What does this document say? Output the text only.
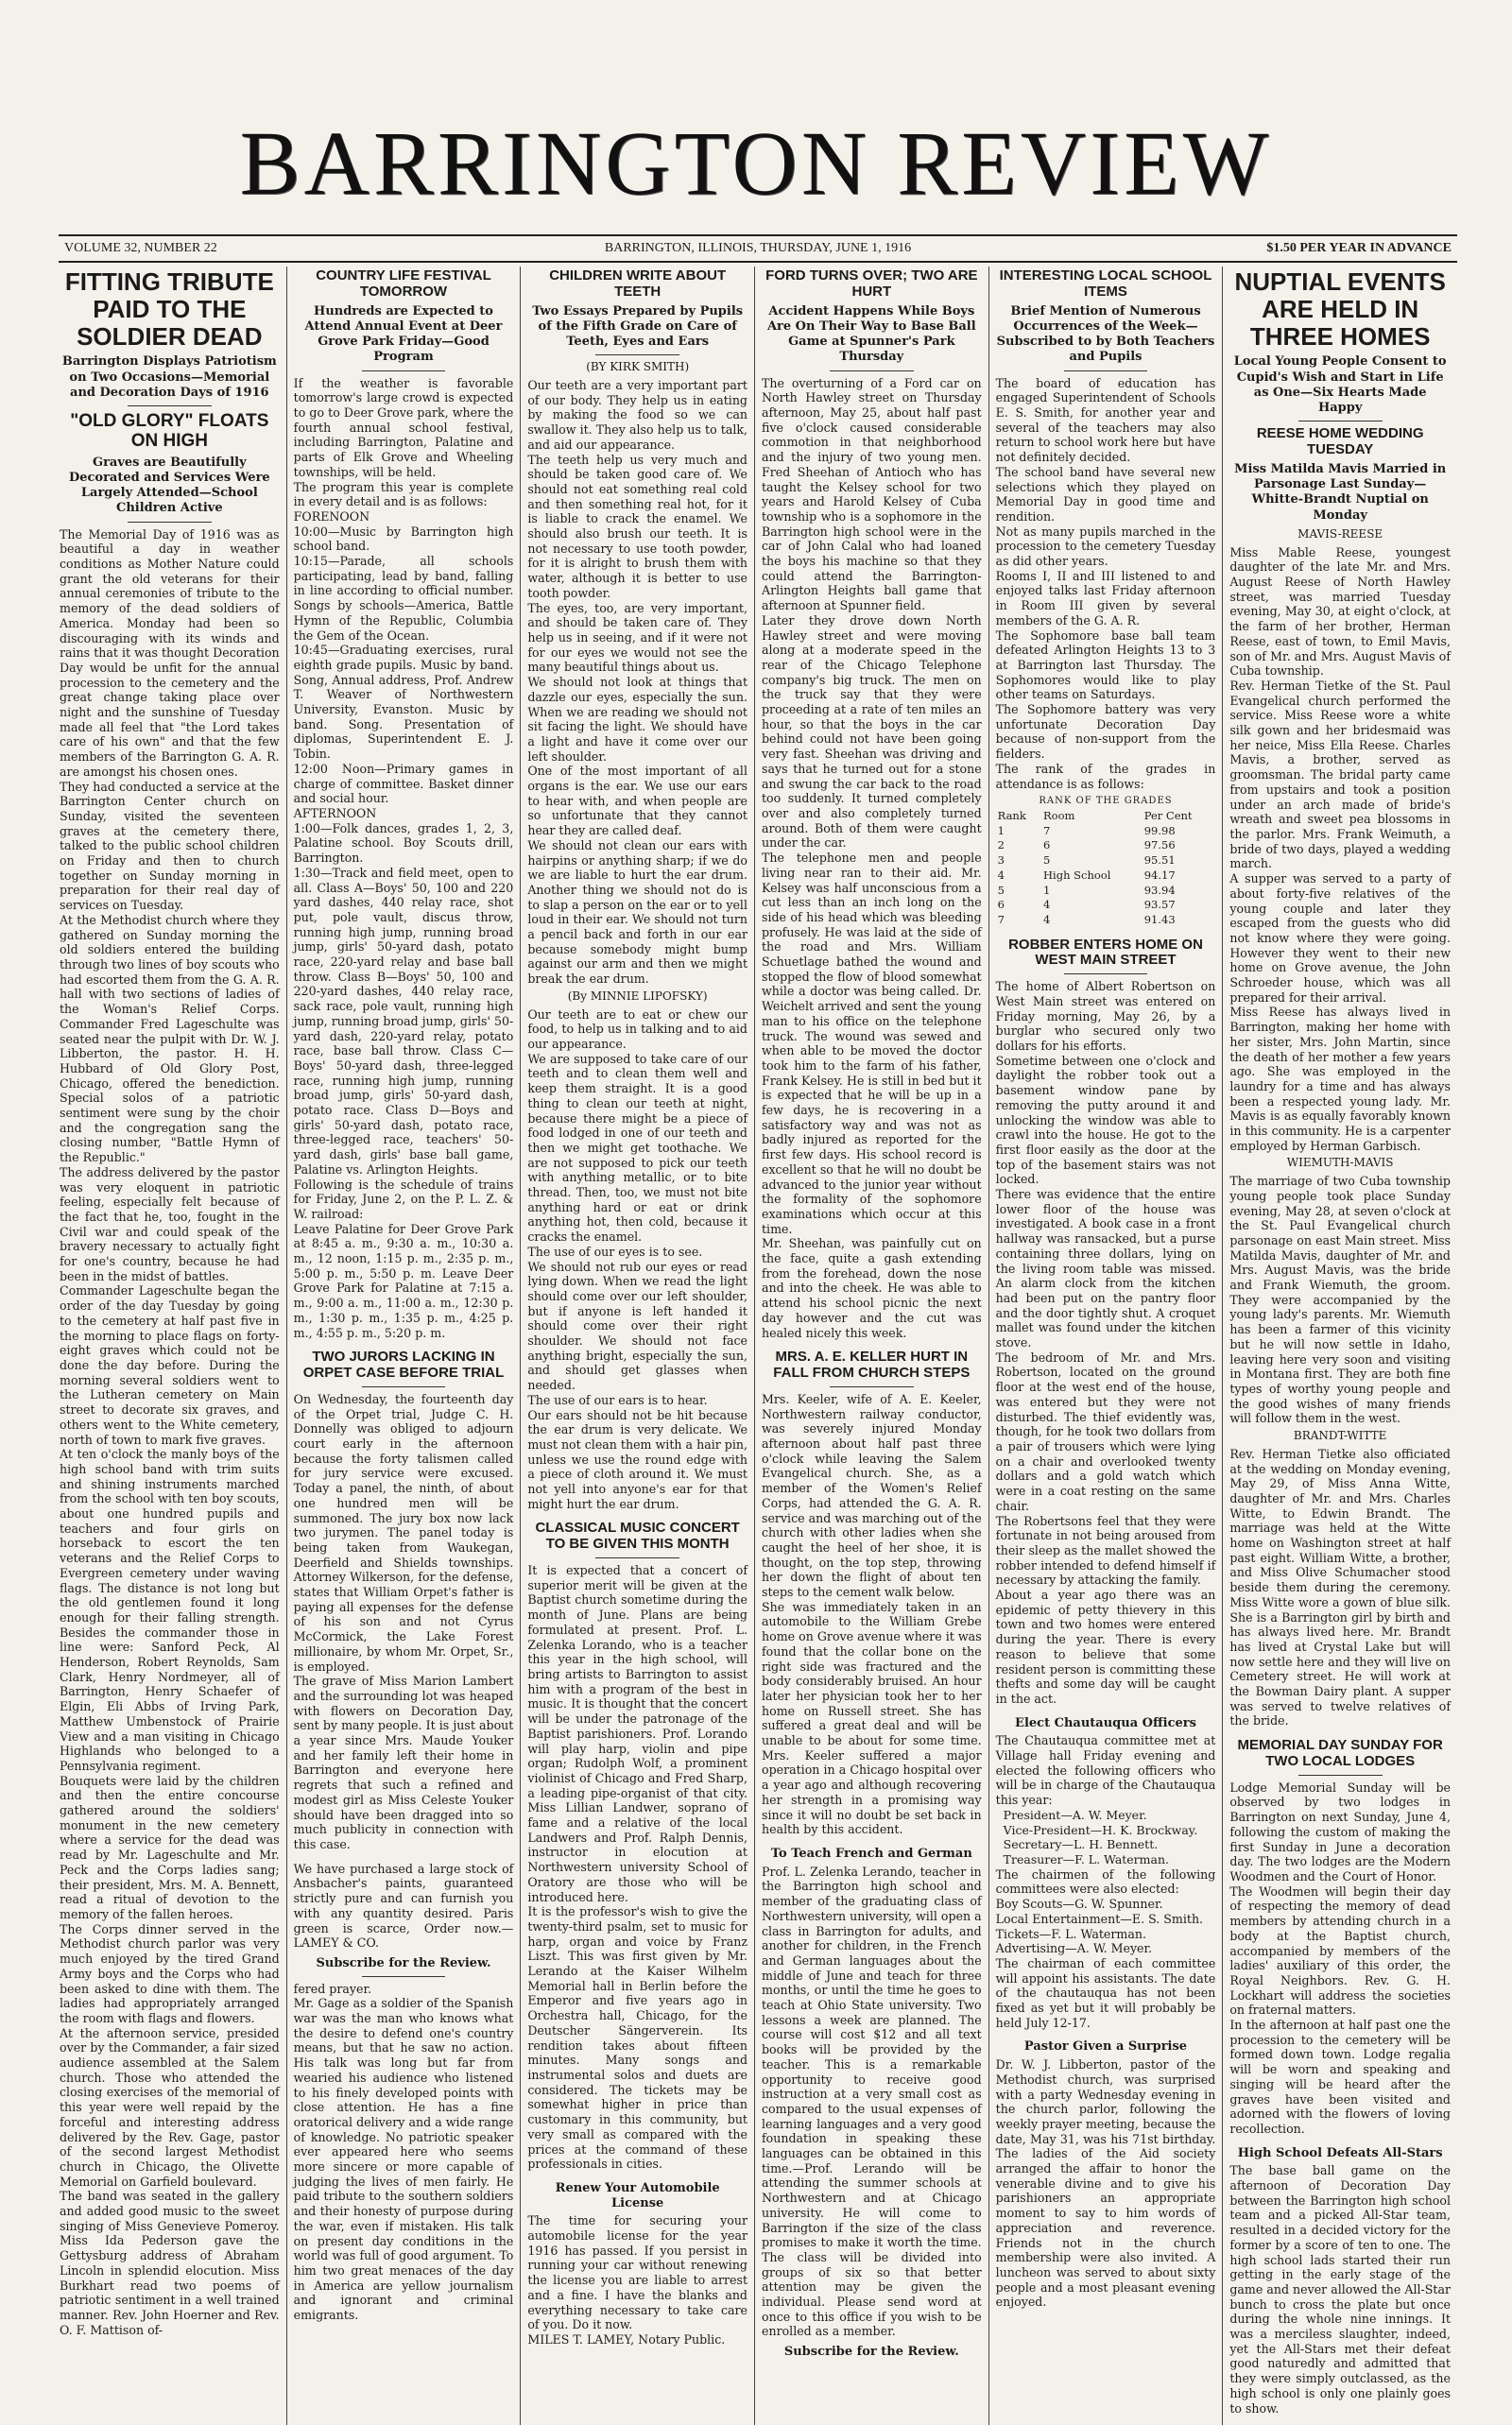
BARRINGTON REVIEW
VOLUME 32, NUMBER 22	BARRINGTON, ILLINOIS, THURSDAY, JUNE 1, 1916	$1.50 PER YEAR IN ADVANCE
FITTING TRIBUTE PAID TO THE SOLDIER DEAD
Barrington Displays Patriotism on Two Occasions—Memorial and Decoration Days of 1916
"OLD GLORY" FLOATS ON HIGH
Graves are Beautifully Decorated and Services Were Largely Attended—School Children Active

The Memorial Day of 1916 was as beautiful a day in weather conditions as Mother Nature could grant the old veterans for their annual ceremonies of tribute to the memory of the dead soldiers of America. Monday had been so discouraging with its winds and rains that it was thought Decoration Day would be unfit for the annual procession to the cemetery and the great change taking place over night and the sunshine of Tuesday made all feel that "the Lord takes care of his own" and that the few members of the Barrington G. A. R. are amongst his chosen ones.
They had conducted a service at the Barrington Center church on Sunday, visited the seventeen graves at the cemetery there, talked to the public school children on Friday and then to church together on Sunday morning in preparation for their real day of services on Tuesday.
At the Methodist church where they gathered on Sunday morning the old soldiers entered the building through two lines of boy scouts who had escorted them from the G. A. R. hall with two sections of ladies of the Woman's Relief Corps. Commander Fred Lageschulte was seated near the pulpit with Dr. W. J. Libberton, the pastor. H. H. Hubbard of Old Glory Post, Chicago, offered the benediction. Special solos of a patriotic sentiment were sung by the choir and the congregation sang the closing number, "Battle Hymn of the Republic."
The address delivered by the pastor was very eloquent in patriotic feeling, especially felt because of the fact that he, too, fought in the Civil war and could speak of the bravery necessary to actually fight for one's country, because he had been in the midst of battles.
Commander Lageschulte began the order of the day Tuesday by going to the cemetery at half past five in the morning to place flags on forty-eight graves which could not be done the day before. During the morning several soldiers went to the Lutheran cemetery on Main street to decorate six graves, and others went to the White cemetery, north of town to mark five graves.
At ten o'clock the manly boys of the high school band with trim suits and shining instruments marched from the school with ten boy scouts, about one hundred pupils and teachers and four girls on horseback to escort the ten veterans and the Relief Corps to Evergreen cemetery under waving flags. The distance is not long but the old gentlemen found it long enough for their falling strength. Besides the commander those in line were: Sanford Peck, Al Henderson, Robert Reynolds, Sam Clark, Henry Nordmeyer, all of Barrington, Henry Schaefer of Elgin, Eli Abbs of Irving Park, Matthew Umbenstock of Prairie View and a man visiting in Chicago Highlands who belonged to a Pennsylvania regiment.
Bouquets were laid by the children and then the entire concourse gathered around the soldiers' monument in the new cemetery where a service for the dead was read by Mr. Lageschulte and Mr. Peck and the Corps ladies sang; their president, Mrs. M. A. Bennett, read a ritual of devotion to the memory of the fallen heroes.
The Corps dinner served in the Methodist church parlor was very much enjoyed by the tired Grand Army boys and the Corps who had been asked to dine with them. The ladies had appropriately arranged the room with flags and flowers.
At the afternoon service, presided over by the Commander, a fair sized audience assembled at the Salem church. Those who attended the closing exercises of the memorial of this year were well repaid by the forceful and interesting address delivered by the Rev. Gage, pastor of the second largest Methodist church in Chicago, the Olivette Memorial on Garfield boulevard.
The band was seated in the gallery and added good music to the sweet singing of Miss Genevieve Pomeroy. Miss Ida Pederson gave the Gettysburg address of Abraham Lincoln in splendid elocution. Miss Burkhart read two poems of patriotic sentiment in a well trained manner. Rev. John Hoerner and Rev. O. F. Mattison of-

COUNTRY LIFE FESTIVAL TOMORROW
Hundreds are Expected to Attend Annual Event at Deer Grove Park Friday—Good Program

If the weather is favorable tomorrow's large crowd is expected to go to Deer Grove park, where the fourth annual school festival, including Barrington, Palatine and parts of Elk Grove and Wheeling townships, will be held.
The program this year is complete in every detail and is as follows:
FORENOON
10:00—Music by Barrington high school band.
10:15—Parade, all schools participating, lead by band, falling in line according to official number. Songs by schools—America, Battle Hymn of the Republic, Columbia the Gem of the Ocean.
10:45—Graduating exercises, rural eighth grade pupils. Music by band. Song, Annual address, Prof. Andrew T. Weaver of Northwestern University, Evanston. Music by band. Song. Presentation of diplomas, Superintendent E. J. Tobin.
12:00 Noon—Primary games in charge of committee. Basket dinner and social hour.
AFTERNOON
1:00—Folk dances, grades 1, 2, 3, Palatine school. Boy Scouts drill, Barrington.
1:30—Track and field meet, open to all. Class A—Boys' 50, 100 and 220 yard dashes, 440 relay race, shot put, pole vault, discus throw, running high jump, running broad jump, girls' 50-yard dash, potato race, 220-yard relay and base ball throw. Class B—Boys' 50, 100 and 220-yard dashes, 440 relay race, sack race, pole vault, running high jump, running broad jump, girls' 50-yard dash, 220-yard relay, potato race, base ball throw. Class C—Boys' 50-yard dash, three-legged race, running high jump, running broad jump, girls' 50-yard dash, potato race. Class D—Boys and girls' 50-yard dash, potato race, three-legged race, teachers' 50-yard dash, girls' base ball game, Palatine vs. Arlington Heights.
Following is the schedule of trains for Friday, June 2, on the P. L. Z. & W. railroad:
Leave Palatine for Deer Grove Park at 8:45 a. m., 9:30 a. m., 10:30 a. m., 12 noon, 1:15 p. m., 2:35 p. m., 5:00 p. m., 5:50 p. m. Leave Deer Grove Park for Palatine at 7:15 a. m., 9:00 a. m., 11:00 a. m., 12:30 p. m., 1:30 p. m., 1:35 p. m., 4:25 p. m., 4:55 p. m., 5:20 p. m.

TWO JURORS LACKING IN ORPET CASE BEFORE TRIAL

On Wednesday, the fourteenth day of the Orpet trial, Judge C. H. Donnelly was obliged to adjourn court early in the afternoon because the forty talismen called for jury service were excused. Today a panel, the ninth, of about one hundred men will be summoned. The jury box now lack two jurymen. The panel today is being taken from Waukegan, Deerfield and Shields townships. Attorney Wilkerson, for the defense, states that William Orpet's father is paying all expenses for the defense of his son and not Cyrus McCormick, the Lake Forest millionaire, by whom Mr. Orpet, Sr., is employed.
The grave of Miss Marion Lambert and the surrounding lot was heaped with flowers on Decoration Day, sent by many people. It is just about a year since Mrs. Maude Youker and her family left their home in Barrington and everyone here regrets that such a refined and modest girl as Miss Celeste Youker should have been dragged into so much publicity in connection with this case.

We have purchased a large stock of Ansbacher's paints, guaranteed strictly pure and can furnish you with any quantity desired. Paris green is scarce, Order now.—LAMEY & CO.

Subscribe for the Review.

fered prayer.
Mr. Gage as a soldier of the Spanish war was the man who knows what the desire to defend one's country means, but that he saw no action. His talk was long but far from wearied his audience who listened to his finely developed points with close attention. He has a fine oratorical delivery and a wide range of knowledge. No patriotic speaker ever appeared here who seems more sincere or more capable of judging the lives of men fairly. He paid tribute to the southern soldiers and their honesty of purpose during the war, even if mistaken. His talk on present day conditions in the world was full of good argument. To him two great menaces of the day in America are yellow journalism and ignorant and criminal emigrants.

CHILDREN WRITE ABOUT TEETH
Two Essays Prepared by Pupils of the Fifth Grade on Care of Teeth, Eyes and Ears
(BY KIRK SMITH)

Our teeth are a very important part of our body. They help us in eating by making the food so we can swallow it. They also help us to talk, and aid our appearance.
The teeth help us very much and should be taken good care of. We should not eat something real cold and then something real hot, for it is liable to crack the enamel. We should also brush our teeth. It is not necessary to use tooth powder, for it is alright to brush them with water, although it is better to use tooth powder.
The eyes, too, are very important, and should be taken care of. They help us in seeing, and if it were not for our eyes we would not see the many beautiful things about us.
We should not look at things that dazzle our eyes, especially the sun. When we are reading we should not sit facing the light. We should have a light and have it come over our left shoulder.
One of the most important of all organs is the ear. We use our ears to hear with, and when people are so unfortunate that they cannot hear they are called deaf.
We should not clean our ears with hairpins or anything sharp; if we do we are liable to hurt the ear drum. Another thing we should not do is to slap a person on the ear or to yell loud in their ear. We should not turn a pencil back and forth in our ear because somebody might bump against our arm and then we might break the ear drum.

(By MINNIE LIPOFSKY)

Our teeth are to eat or chew our food, to help us in talking and to aid our appearance.
We are supposed to take care of our teeth and to clean them well and keep them straight. It is a good thing to clean our teeth at night, because there might be a piece of food lodged in one of our teeth and then we might get toothache. We are not supposed to pick our teeth with anything metallic, or to bite thread. Then, too, we must not bite anything hard or eat or drink anything hot, then cold, because it cracks the enamel.
The use of our eyes is to see.
We should not rub our eyes or read lying down. When we read the light should come over our left shoulder, but if anyone is left handed it should come over their right shoulder. We should not face anything bright, especially the sun, and should get glasses when needed.
The use of our ears is to hear.
Our ears should not be hit because the ear drum is very delicate. We must not clean them with a hair pin, unless we use the round edge with a piece of cloth around it. We must not yell into anyone's ear for that might hurt the ear drum.

CLASSICAL MUSIC CONCERT TO BE GIVEN THIS MONTH

It is expected that a concert of superior merit will be given at the Baptist church sometime during the month of June. Plans are being formulated at present. Prof. L. Zelenka Lorando, who is a teacher this year in the high school, will bring artists to Barrington to assist him with a program of the best in music. It is thought that the concert will be under the patronage of the Baptist parishioners. Prof. Lorando will play harp, violin and pipe organ; Rudolph Wolf, a prominent violinist of Chicago and Fred Sharp, a leading pipe-organist of that city. Miss Lillian Landwer, soprano of fame and a relative of the local Landwers and Prof. Ralph Dennis, instructor in elocution at Northwestern university School of Oratory are those who will be introduced here.
It is the professor's wish to give the twenty-third psalm, set to music for harp, organ and voice by Franz Liszt. This was first given by Mr. Lerando at the Kaiser Wilhelm Memorial hall in Berlin before the Emperor and five years ago in Orchestra hall, Chicago, for the Deutscher Sängerverein. Its rendition takes about fifteen minutes. Many songs and instrumental solos and duets are considered. The tickets may be somewhat higher in price than customary in this community, but very small as compared with the prices at the command of these professionals in cities.

Renew Your Automobile License

The time for securing your automobile license for the year 1916 has passed. If you persist in running your car without renewing the license you are liable to arrest and a fine. I have the blanks and everything necessary to take care of you. Do it now.
MILES T. LAMEY, Notary Public.

FORD TURNS OVER; TWO ARE HURT
Accident Happens While Boys Are On Their Way to Base Ball Game at Spunner's Park Thursday

The overturning of a Ford car on North Hawley street on Thursday afternoon, May 25, about half past five o'clock caused considerable commotion in that neighborhood and the injury of two young men. Fred Sheehan of Antioch who has taught the Kelsey school for two years and Harold Kelsey of Cuba township who is a sophomore in the Barrington high school were in the car of John Calal who had loaned the boys his machine so that they could attend the Barrington-Arlington Heights ball game that afternoon at Spunner field.
Later they drove down North Hawley street and were moving along at a moderate speed in the rear of the Chicago Telephone company's big truck. The men on the truck say that they were proceeding at a rate of ten miles an hour, so that the boys in the car behind could not have been going very fast. Sheehan was driving and says that he turned out for a stone and swung the car back to the road too suddenly. It turned completely over and also completely turned around. Both of them were caught under the car.
The telephone men and people living near ran to their aid. Mr. Kelsey was half unconscious from a cut less than an inch long on the side of his head which was bleeding profusely. He was laid at the side of the road and Mrs. William Schuetlage bathed the wound and stopped the flow of blood somewhat while a doctor was being called. Dr. Weichelt arrived and sent the young man to his office on the telephone truck. The wound was sewed and when able to be moved the doctor took him to the farm of his father, Frank Kelsey. He is still in bed but it is expected that he will be up in a few days, he is recovering in a satisfactory way and was not as badly injured as reported for the first few days. His school record is excellent so that he will no doubt be advanced to the junior year without the formality of the sophomore examinations which occur at this time.
Mr. Sheehan, was painfully cut on the face, quite a gash extending from the forehead, down the nose and into the cheek. He was able to attend his school picnic the next day however and the cut was healed nicely this week.

MRS. A. E. KELLER HURT IN FALL FROM CHURCH STEPS

Mrs. Keeler, wife of A. E. Keeler, Northwestern railway conductor, was severely injured Monday afternoon about half past three o'clock while leaving the Salem Evangelical church. She, as a member of the Women's Relief Corps, had attended the G. A. R. service and was marching out of the church with other ladies when she caught the heel of her shoe, it is thought, on the top step, throwing her down the flight of about ten steps to the cement walk below.
She was immediately taken in an automobile to the William Grebe home on Grove avenue where it was found that the collar bone on the right side was fractured and the body considerably bruised. An hour later her physician took her to her home on Russell street. She has suffered a great deal and will be unable to be about for some time. Mrs. Keeler suffered a major operation in a Chicago hospital over a year ago and although recovering her strength in a promising way since it will no doubt be set back in health by this accident.

To Teach French and German

Prof. L. Zelenka Lerando, teacher in the Barrington high school and member of the graduating class of Northwestern university, will open a class in Barrington for adults, and another for children, in the French and German languages about the middle of June and teach for three months, or until the time he goes to teach at Ohio State university. Two lessons a week are planned. The course will cost $12 and all text books will be provided by the teacher. This is a remarkable opportunity to receive good instruction at a very small cost as compared to the usual expenses of learning languages and a very good foundation in speaking these languages can be obtained in this time.—Prof. Lerando will be attending the summer schools at Northwestern and at Chicago university. He will come to Barrington if the size of the class promises to make it worth the time. The class will be divided into groups of six so that better attention may be given the individual. Please send word at once to this office if you wish to be enrolled as a member.

Subscribe for the Review.
INTERESTING LOCAL SCHOOL ITEMS
Brief Mention of Numerous Occurrences of the Week—Subscribed to by Both Teachers and Pupils

The board of education has engaged Superintendent of Schools E. S. Smith, for another year and several of the teachers may also return to school work here but have not definitely decided.
The school band have several new selections which they played on Memorial Day in good time and rendition.
Not as many pupils marched in the procession to the cemetery Tuesday as did other years.
Rooms I, II and III listened to and enjoyed talks last Friday afternoon in Room III given by several members of the G. A. R.
The Sophomore base ball team defeated Arlington Heights 13 to 3 at Barrington last Thursday. The Sophomores would like to play other teams on Saturdays.
The Sophomore battery was very unfortunate Decoration Day because of non-support from the fielders.
The rank of the grades in attendance is as follows:

RANK OF THE GRADES
Rank	Room	Per Cent
1	7	99.98
2	6	97.56
3	5	95.51
4	High School	94.17
5	1	93.94
6	4	93.57
7	4	91.43
ROBBER ENTERS HOME ON WEST MAIN STREET

The home of Albert Robertson on West Main street was entered on Friday morning, May 26, by a burglar who secured only two dollars for his efforts.
Sometime between one o'clock and daylight the robber took out a basement window pane by removing the putty around it and unlocking the window was able to crawl into the house. He got to the first floor easily as the door at the top of the basement stairs was not locked.
There was evidence that the entire lower floor of the house was investigated. A book case in a front hallway was ransacked, but a purse containing three dollars, lying on the living room table was missed. An alarm clock from the kitchen had been put on the pantry floor and the door tightly shut. A croquet mallet was found under the kitchen stove.
The bedroom of Mr. and Mrs. Robertson, located on the ground floor at the west end of the house, was entered but they were not disturbed. The thief evidently was, though, for he took two dollars from a pair of trousers which were lying on a chair and overlooked twenty dollars and a gold watch which were in a coat resting on the same chair.
The Robertsons feel that they were fortunate in not being aroused from their sleep as the mallet showed the robber intended to defend himself if necessary by attacking the family.
About a year ago there was an epidemic of petty thievery in this town and two homes were entered during the year. There is every reason to believe that some resident person is committing these thefts and some day will be caught in the act.

Elect Chautauqua Officers

The Chautauqua committee met at Village hall Friday evening and elected the following officers who will be in charge of the Chautauqua this year:

President—A. W. Meyer.
Vice-President—H. K. Brockway.
Secretary—L. H. Bennett.
Treasurer—F. L. Waterman.

The chairmen of the following committees were also elected:
Boy Scouts—G. W. Spunner.
Local Entertainment—E. S. Smith.
Tickets—F. L. Waterman.
Advertising—A. W. Meyer.
The chairman of each committee will appoint his assistants. The date of the chautauqua has not been fixed as yet but it will probably be held July 12-17.

Pastor Given a Surprise

Dr. W. J. Libberton, pastor of the Methodist church, was surprised with a party Wednesday evening in the church parlor, following the weekly prayer meeting, because the date, May 31, was his 71st birthday. The ladies of the Aid society arranged the affair to honor the venerable divine and to give his parishioners an appropriate moment to say to him words of appreciation and reverence. Friends not in the church membership were also invited. A luncheon was served to about sixty people and a most pleasant evening enjoyed.

NUPTIAL EVENTS ARE HELD IN THREE HOMES
Local Young People Consent to Cupid's Wish and Start in Life as One—Six Hearts Made Happy
REESE HOME WEDDING TUESDAY
Miss Matilda Mavis Married in Parsonage Last Sunday—Whitte-Brandt Nuptial on Monday
MAVIS-REESE

Miss Mable Reese, youngest daughter of the late Mr. and Mrs. August Reese of North Hawley street, was married Tuesday evening, May 30, at eight o'clock, at the farm of her brother, Herman Reese, east of town, to Emil Mavis, son of Mr. and Mrs. August Mavis of Cuba township.
Rev. Herman Tietke of the St. Paul Evangelical church performed the service. Miss Reese wore a white silk gown and her bridesmaid was her neice, Miss Ella Reese. Charles Mavis, a brother, served as groomsman. The bridal party came from upstairs and took a position under an arch made of bride's wreath and sweet pea blossoms in the parlor. Mrs. Frank Weimuth, a bride of two days, played a wedding march.
A supper was served to a party of about forty-five relatives of the young couple and later they escaped from the guests who did not know where they were going. However they went to their new home on Grove avenue, the John Schroeder house, which was all prepared for their arrival.
Miss Reese has always lived in Barrington, making her home with her sister, Mrs. John Martin, since the death of her mother a few years ago. She was employed in the laundry for a time and has always been a respected young lady. Mr. Mavis is as equally favorably known in this community. He is a carpenter employed by Herman Garbisch.

WIEMUTH-MAVIS

The marriage of two Cuba township young people took place Sunday evening, May 28, at seven o'clock at the St. Paul Evangelical church parsonage on east Main street. Miss Matilda Mavis, daughter of Mr. and Mrs. August Mavis, was the bride and Frank Wiemuth, the groom. They were accompanied by the young lady's parents. Mr. Wiemuth has been a farmer of this vicinity but he will now settle in Idaho, leaving here very soon and visiting in Montana first. They are both fine types of worthy young people and the good wishes of many friends will follow them in the west.

BRANDT-WITTE

Rev. Herman Tietke also officiated at the wedding on Monday evening, May 29, of Miss Anna Witte, daughter of Mr. and Mrs. Charles Witte, to Edwin Brandt. The marriage was held at the Witte home on Washington street at half past eight. William Witte, a brother, and Miss Olive Schumacher stood beside them during the ceremony. Miss Witte wore a gown of blue silk. She is a Barrington girl by birth and has always lived here. Mr. Brandt has lived at Crystal Lake but will now settle here and they will live on Cemetery street. He will work at the Bowman Dairy plant. A supper was served to twelve relatives of the bride.

MEMORIAL DAY SUNDAY FOR TWO LOCAL LODGES

Lodge Memorial Sunday will be observed by two lodges in Barrington on next Sunday, June 4, following the custom of making the first Sunday in June a decoration day. The two lodges are the Modern Woodmen and the Court of Honor.
The Woodmen will begin their day of respecting the memory of dead members by attending church in a body at the Baptist church, accompanied by members of the ladies' auxiliary of this order, the Royal Neighbors. Rev. G. H. Lockhart will address the societies on fraternal matters.
In the afternoon at half past one the procession to the cemetery will be formed down town. Lodge regalia will be worn and speaking and singing will be heard after the graves have been visited and adorned with the flowers of loving recollection.

High School Defeats All-Stars

The base ball game on the afternoon of Decoration Day between the Barrington high school team and a picked All-Star team, resulted in a decided victory for the former by a score of ten to one. The high school lads started their run getting in the early stage of the game and never allowed the All-Star bunch to cross the plate but once during the whole nine innings. It was a merciless slaughter, indeed, yet the All-Stars met their defeat good naturedly and admitted that they were simply outclassed, as the high school is only one plainly goes to show.
